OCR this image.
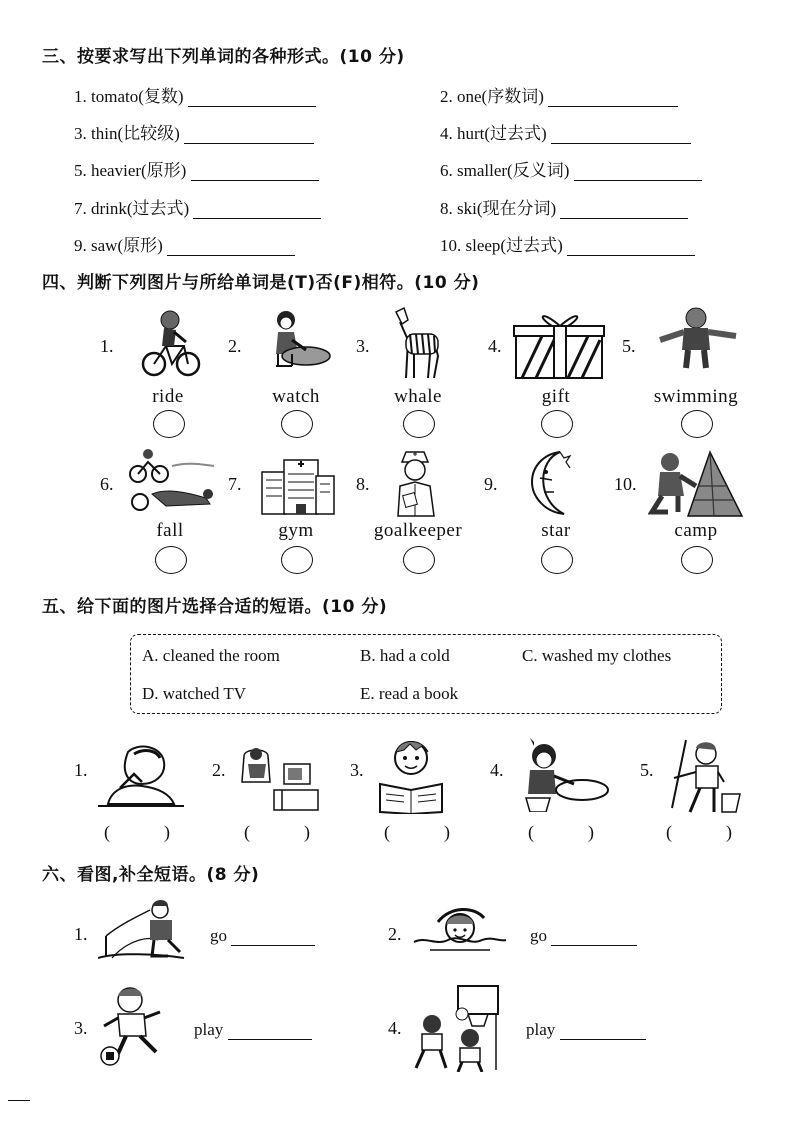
三、按要求写出下列单词的各种形式。(10 分)
1. tomato(复数)	2. one(序数词)
3. thin(比较级)	4. hurt(过去式)
5. heavier(原形)	6. smaller(反义词)
7. drink(过去式)	8. ski(现在分词)
9. saw(原形)	10. sleep(过去式)
四、判断下列图片与所给单词是(T)否(F)相符。(10 分)
1.	2.	3.	4.	5.
ride	watch	whale	gift	swimming
6.	7.	8.	9.	10.
fall	gym	goalkeeper	star	camp
五、给下面的图片选择合适的短语。(10 分)
A. cleaned the room	B. had a cold	C. washed my clothes
D. watched TV	E. read a book
1.	2.	3.	4.	5.
(	)	(	)	(	)	(	)	(	)
六、看图,补全短语。(8 分)
1.	go	2.	go
3.	play	4.	play
